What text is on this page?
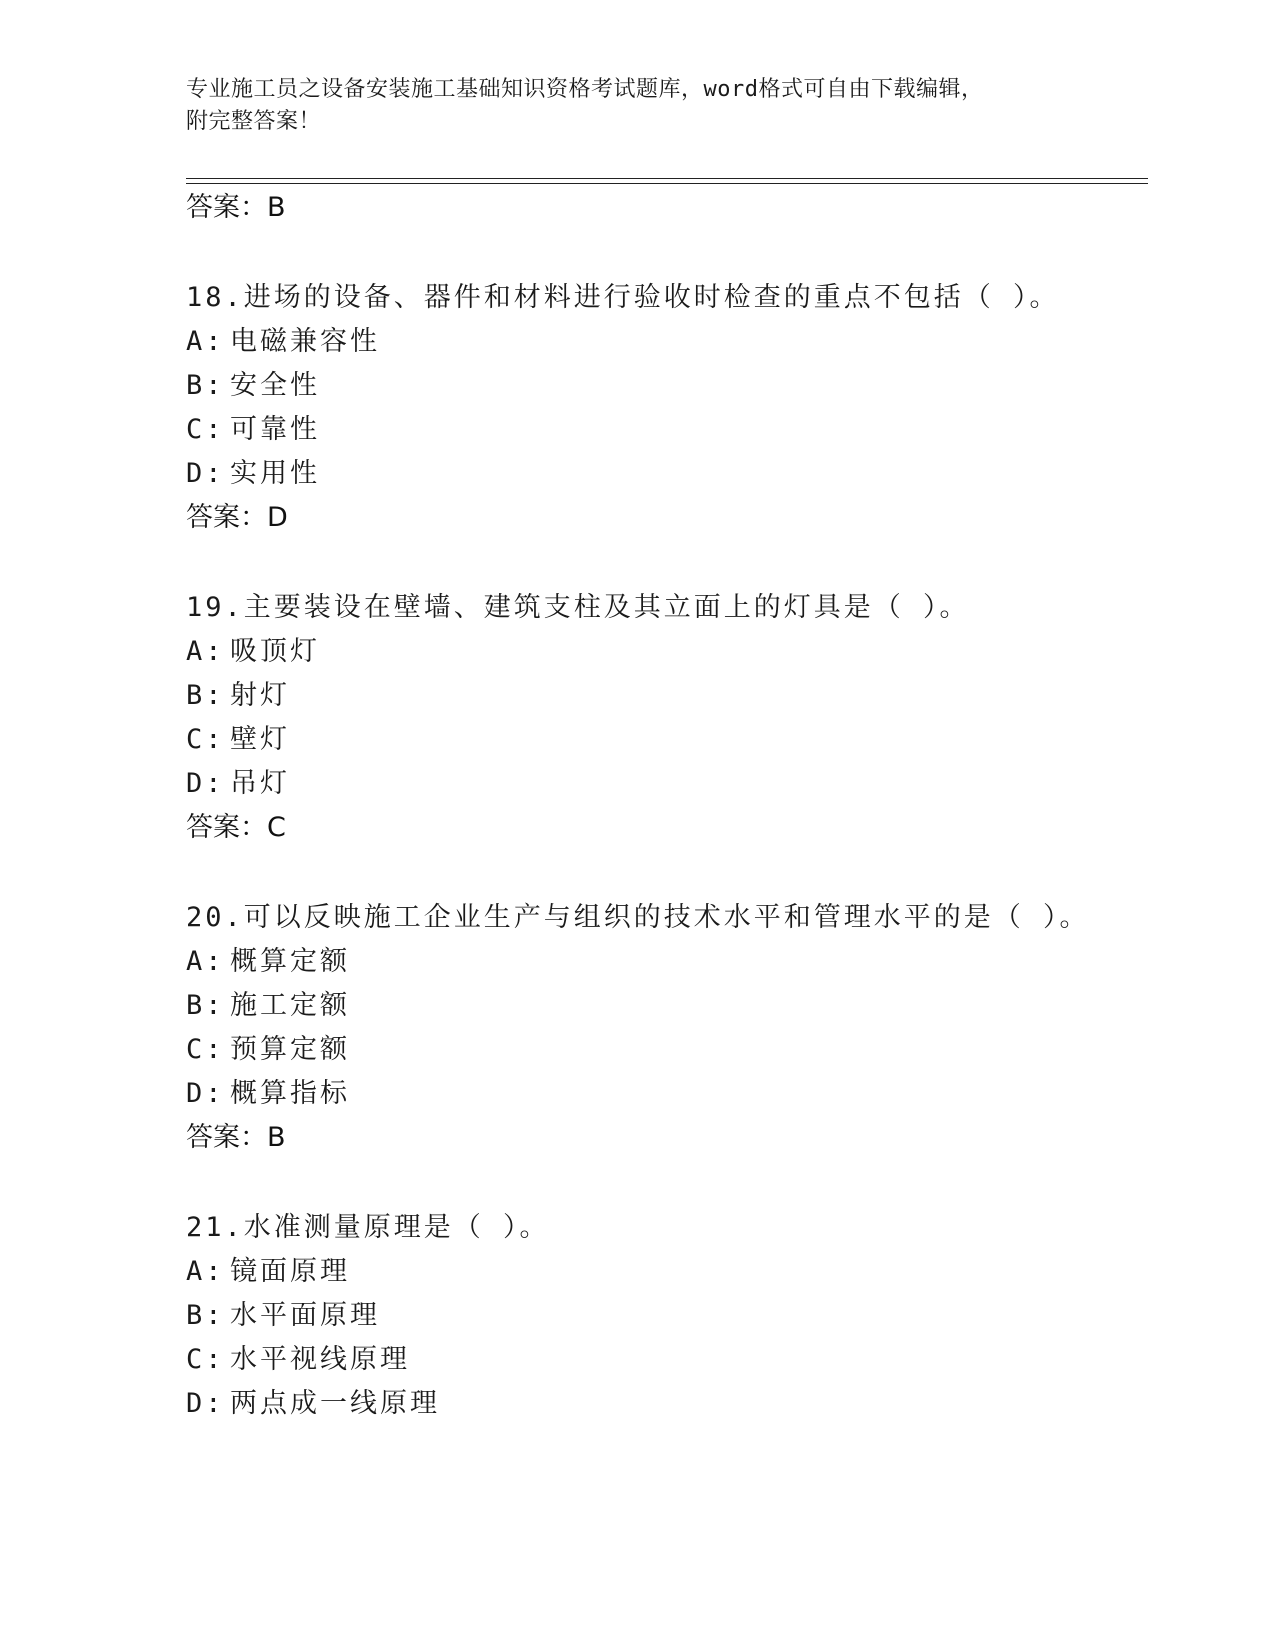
专业施工员之设备安装施工基础知识资格考试题库，word格式可自由下载编辑，
附完整答案！
答案：B
18.进场的设备、器件和材料进行验收时检查的重点不包括（ ）。
A: 电磁兼容性
B: 安全性
C: 可靠性
D: 实用性
答案：D
19.主要装设在壁墙、建筑支柱及其立面上的灯具是（ ）。
A: 吸顶灯
B: 射灯
C: 壁灯
D: 吊灯
答案：C
20.可以反映施工企业生产与组织的技术水平和管理水平的是（ ）。
A: 概算定额
B: 施工定额
C: 预算定额
D: 概算指标
答案：B
21.水准测量原理是（ ）。
A: 镜面原理
B: 水平面原理
C: 水平视线原理
D: 两点成一线原理
